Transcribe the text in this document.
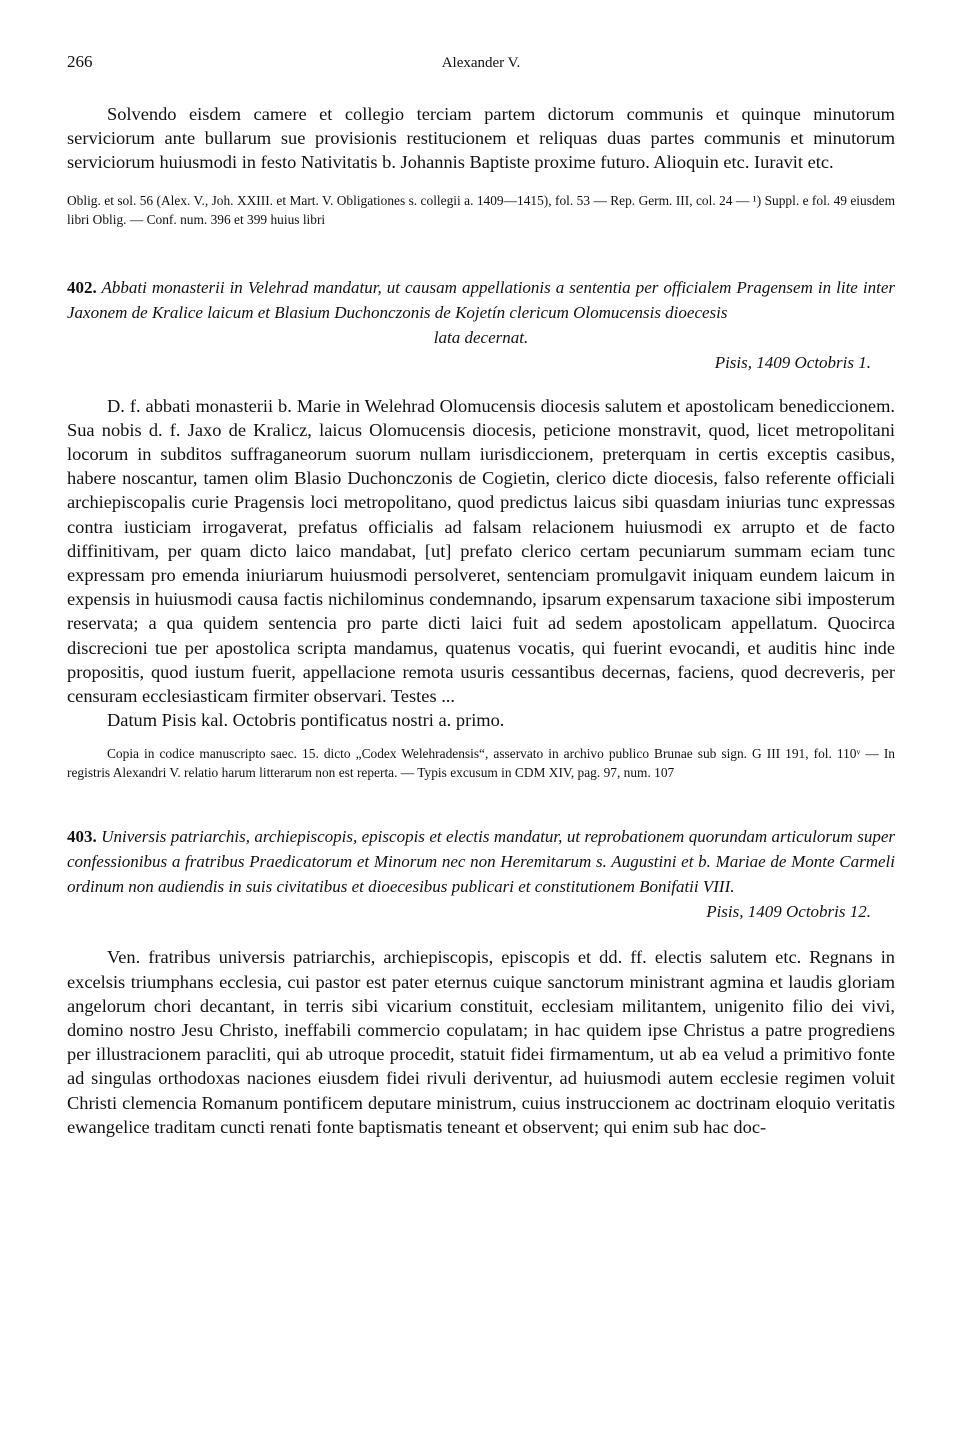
266	Alexander V.

Solvendo eisdem camere et collegio terciam partem dictorum communis et quinque minutorum serviciorum ante bullarum sue provisionis restitucionem et reliquas duas partes communis et minutorum serviciorum huiusmodi in festo Nativitatis b. Johannis Baptiste proxime futuro. Alioquin etc. Iuravit etc.

Oblig. et sol. 56 (Alex. V., Joh. XXIII. et Mart. V. Obligationes s. collegii a. 1409—1415), fol. 53 — Rep. Germ. III, col. 24 — ¹) Suppl. e fol. 49 eiusdem libri Oblig. — Conf. num. 396 et 399 huius libri

402. Abbati monasterii in Velehrad mandatur, ut causam appellationis a sententia per officialem Pragensem in lite inter Jaxonem de Kralice laicum et Blasium Duchonczonis de Kojetín clericum Olomucensis dioecesis

lata decernat.
Pisis, 1409 Octobris 1.

D. f. abbati monasterii b. Marie in Welehrad Olomucensis diocesis salutem et apostolicam benediccionem. Sua nobis d. f. Jaxo de Kralicz, laicus Olomucensis diocesis, peticione monstravit, quod, licet metropolitani locorum in subditos suffraganeorum suorum nullam iurisdiccionem, preterquam in certis exceptis casibus, habere noscantur, tamen olim Blasio Duchonczonis de Cogietin, clerico dicte diocesis, falso referente officiali archiepiscopalis curie Pragensis loci metropolitano, quod predictus laicus sibi quasdam iniurias tunc expressas contra iusticiam irrogaverat, prefatus officialis ad falsam relacionem huiusmodi ex arrupto et de facto diffinitivam, per quam dicto laico mandabat, [ut] prefato clerico certam pecuniarum summam eciam tunc expressam pro emenda iniuriarum huiusmodi persolveret, sentenciam promulgavit iniquam eundem laicum in expensis in huiusmodi causa factis nichilominus condemnando, ipsarum expensarum taxacione sibi imposterum reservata; a qua quidem sentencia pro parte dicti laici fuit ad sedem apostolicam appellatum. Quocirca discrecioni tue per apostolica scripta mandamus, quatenus vocatis, qui fuerint evocandi, et auditis hinc inde propositis, quod iustum fuerit, appellacione remota usuris cessantibus decernas, faciens, quod decreveris, per censuram ecclesiasticam firmiter observari. Testes ...

Datum Pisis kal. Octobris pontificatus nostri a. primo.

Copia in codice manuscripto saec. 15. dicto „Codex Welehradensis“, asservato in archivo publico Brunae sub sign. G III 191, fol. 110ᵛ — In registris Alexandri V. relatio harum litterarum non est reperta. — Typis excusum in CDM XIV, pag. 97, num. 107

403. Universis patriarchis, archiepiscopis, episcopis et electis mandatur, ut reprobationem quorundam articulorum super confessionibus a fratribus Praedicatorum et Minorum nec non Heremitarum s. Augustini et b. Mariae de Monte Carmeli ordinum non audiendis in suis civitatibus et dioecesibus publicari et constitutionem Bonifatii VIII.

Pisis, 1409 Octobris 12.

Ven. fratribus universis patriarchis, archiepiscopis, episcopis et dd. ff. electis salutem etc. Regnans in excelsis triumphans ecclesia, cui pastor est pater eternus cuique sanctorum ministrant agmina et laudis gloriam angelorum chori decantant, in terris sibi vicarium constituit, ecclesiam militantem, unigenito filio dei vivi, domino nostro Jesu Christo, ineffabili commercio copulatam; in hac quidem ipse Christus a patre progrediens per illustracionem paracliti, qui ab utroque procedit, statuit fidei firmamentum, ut ab ea velud a primitivo fonte ad singulas orthodoxas naciones eiusdem fidei rivuli deriventur, ad huiusmodi autem ecclesie regimen voluit Christi clemencia Romanum pontificem deputare ministrum, cuius instruccionem ac doctrinam eloquio veritatis ewangelice traditam cuncti renati fonte baptismatis teneant et observent; qui enim sub hac doc-
